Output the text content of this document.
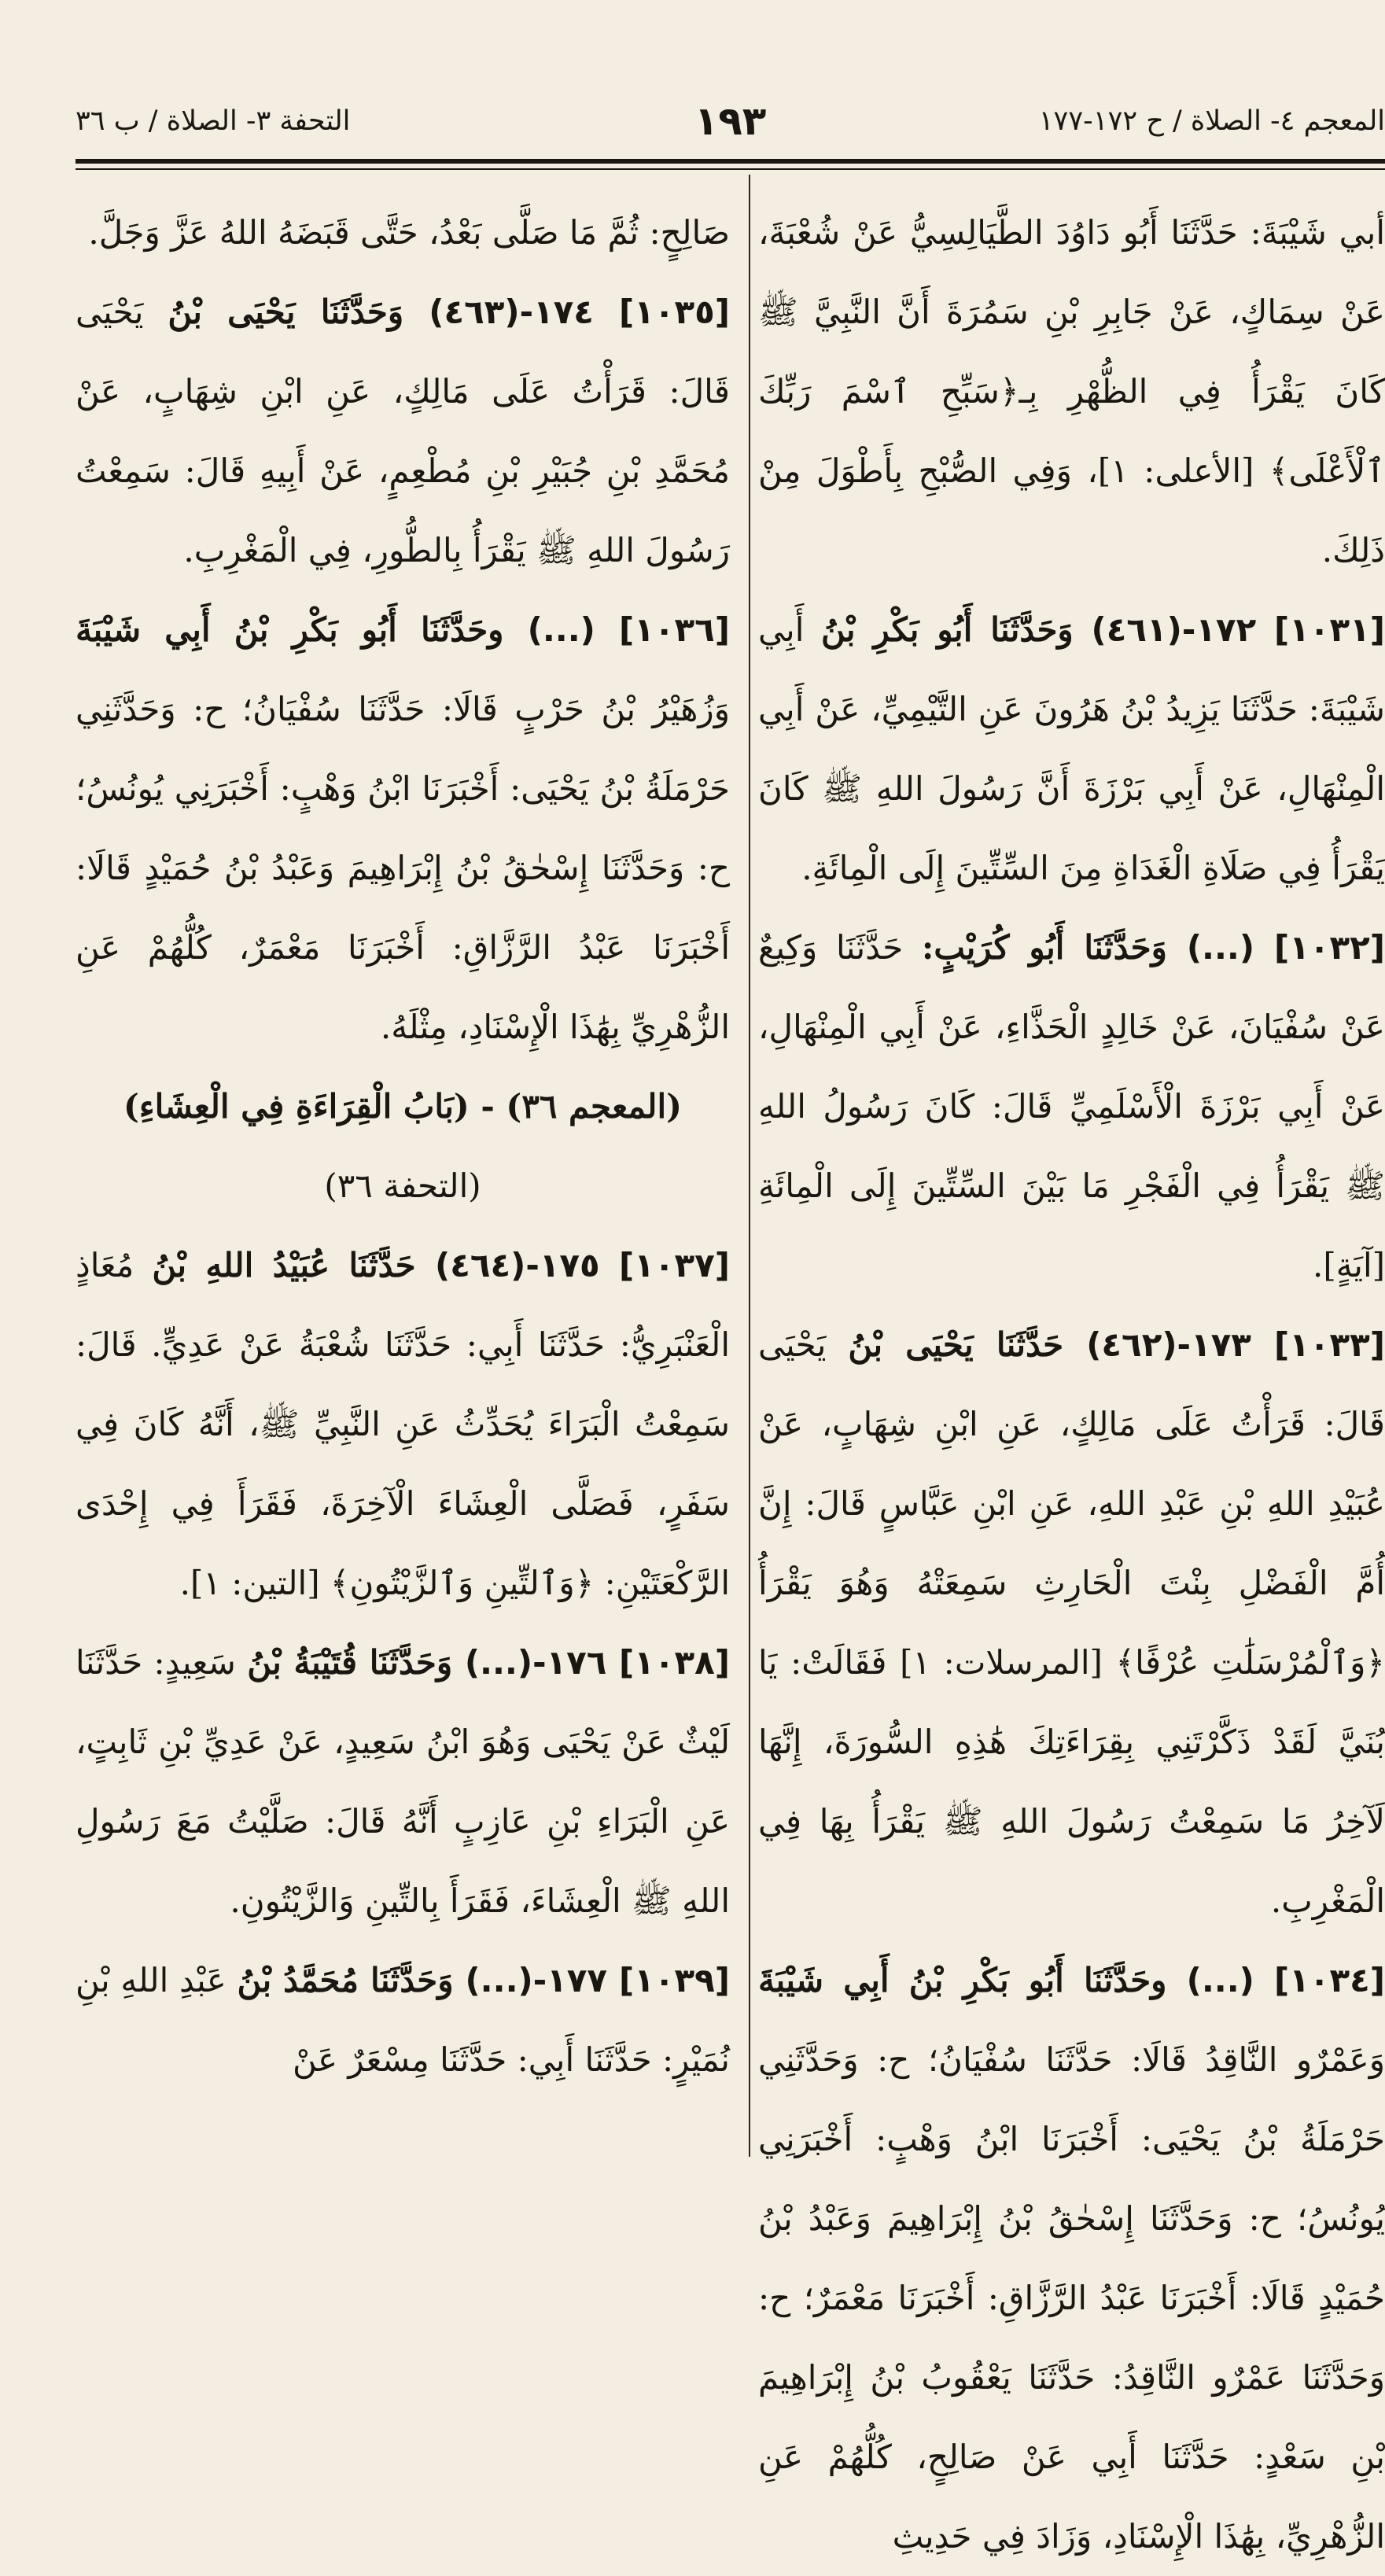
المعجم ٤- الصلاة / ح ١٧٢-١٧٧
١٩٣
التحفة ٣- الصلاة / ب ٣٦

أبي شَيْبَةَ: حَدَّثَنَا أَبُو دَاوُدَ الطَّيَالِسِيُّ عَنْ شُعْبَةَ، عَنْ سِمَاكٍ، عَنْ جَابِرِ بْنِ سَمُرَةَ أَنَّ النَّبِيَّ ﷺ كَانَ يَقْرَأُ فِي الظُّهْرِ بِـ﴿سَبِّحِ ٱسْمَ رَبِّكَ ٱلْأَعْلَى﴾ [الأعلى: ١]، وَفِي الصُّبْحِ بِأَطْوَلَ مِنْ ذَلِكَ.

[١٠٣١] ١٧٢-(٤٦١) وَحَدَّثَنَا أَبُو بَكْرِ بْنُ أَبِي شَيْبَةَ: حَدَّثَنَا يَزِيدُ بْنُ هَرُونَ عَنِ التَّيْمِيِّ، عَنْ أَبِي الْمِنْهَالِ، عَنْ أَبِي بَرْزَةَ أَنَّ رَسُولَ اللهِ ﷺ كَانَ يَقْرَأُ فِي صَلَاةِ الْغَدَاةِ مِنَ السِّتِّينَ إِلَى الْمِائَةِ.

[١٠٣٢] (...) وَحَدَّثَنَا أَبُو كُرَيْبٍ: حَدَّثَنَا وَكِيعٌ عَنْ سُفْيَانَ، عَنْ خَالِدٍ الْحَذَّاءِ، عَنْ أَبِي الْمِنْهَالِ، عَنْ أَبِي بَرْزَةَ الْأَسْلَمِيِّ قَالَ: كَانَ رَسُولُ اللهِ ﷺ يَقْرَأُ فِي الْفَجْرِ مَا بَيْنَ السِّتِّينَ إِلَى الْمِائَةِ [آيَةٍ].

[١٠٣٣] ١٧٣-(٤٦٢) حَدَّثَنَا يَحْيَى بْنُ يَحْيَى قَالَ: قَرَأْتُ عَلَى مَالِكٍ، عَنِ ابْنِ شِهَابٍ، عَنْ عُبَيْدِ اللهِ بْنِ عَبْدِ اللهِ، عَنِ ابْنِ عَبَّاسٍ قَالَ: إِنَّ أُمَّ الْفَضْلِ بِنْتَ الْحَارِثِ سَمِعَتْهُ وَهُوَ يَقْرَأُ ﴿وَٱلْمُرْسَلَٰتِ عُرْفًا﴾ [المرسلات: ١] فَقَالَتْ: يَا بُنَيَّ لَقَدْ ذَكَّرْتَنِي بِقِرَاءَتِكَ هَٰذِهِ السُّورَةَ، إِنَّهَا لَآخِرُ مَا سَمِعْتُ رَسُولَ اللهِ ﷺ يَقْرَأُ بِهَا فِي الْمَغْرِبِ.

[١٠٣٤] (...) وحَدَّثَنَا أَبُو بَكْرِ بْنُ أَبِي شَيْبَةَ وَعَمْرٌو النَّاقِدُ قَالَا: حَدَّثَنَا سُفْيَانُ؛ ح: وَحَدَّثَنِي حَرْمَلَةُ بْنُ يَحْيَى: أَخْبَرَنَا ابْنُ وَهْبٍ: أَخْبَرَنِي يُونُسُ؛ ح: وَحَدَّثَنَا إِسْحٰقُ بْنُ إِبْرَاهِيمَ وَعَبْدُ بْنُ حُمَيْدٍ قَالَا: أَخْبَرَنَا عَبْدُ الرَّزَّاقِ: أَخْبَرَنَا مَعْمَرٌ؛ ح: وَحَدَّثَنَا عَمْرٌو النَّاقِدُ: حَدَّثَنَا يَعْقُوبُ بْنُ إِبْرَاهِيمَ بْنِ سَعْدٍ: حَدَّثَنَا أَبِي عَنْ صَالِحٍ، كُلُّهُمْ عَنِ الزُّهْرِيِّ، بِهَٰذَا الْإِسْنَادِ، وَزَادَ فِي حَدِيثِ

صَالِحٍ: ثُمَّ مَا صَلَّى بَعْدُ، حَتَّى قَبَضَهُ اللهُ عَزَّ وَجَلَّ.

[١٠٣٥] ١٧٤-(٤٦٣) وَحَدَّثَنَا يَحْيَى بْنُ يَحْيَى قَالَ: قَرَأْتُ عَلَى مَالِكٍ، عَنِ ابْنِ شِهَابٍ، عَنْ مُحَمَّدِ بْنِ جُبَيْرِ بْنِ مُطْعِمٍ، عَنْ أَبِيهِ قَالَ: سَمِعْتُ رَسُولَ اللهِ ﷺ يَقْرَأُ بِالطُّورِ، فِي الْمَغْرِبِ.

[١٠٣٦] (...) وحَدَّثَنَا أَبُو بَكْرِ بْنُ أَبِي شَيْبَةَ وَزُهَيْرُ بْنُ حَرْبٍ قَالَا: حَدَّثَنَا سُفْيَانُ؛ ح: وَحَدَّثَنِي حَرْمَلَةُ بْنُ يَحْيَى: أَخْبَرَنَا ابْنُ وَهْبٍ: أَخْبَرَنِي يُونُسُ؛ ح: وَحَدَّثَنَا إِسْحٰقُ بْنُ إِبْرَاهِيمَ وَعَبْدُ بْنُ حُمَيْدٍ قَالَا: أَخْبَرَنَا عَبْدُ الرَّزَّاقِ: أَخْبَرَنَا مَعْمَرٌ، كُلُّهُمْ عَنِ الزُّهْرِيِّ بِهَٰذَا الْإِسْنَادِ، مِثْلَهُ.

(المعجم ٣٦) - (بَابُ الْقِرَاءَةِ فِي الْعِشَاءِ)

(التحفة ٣٦)

[١٠٣٧] ١٧٥-(٤٦٤) حَدَّثَنَا عُبَيْدُ اللهِ بْنُ مُعَاذٍ الْعَنْبَرِيُّ: حَدَّثَنَا أَبِي: حَدَّثَنَا شُعْبَةُ عَنْ عَدِيٍّ. قَالَ: سَمِعْتُ الْبَرَاءَ يُحَدِّثُ عَنِ النَّبِيِّ ﷺ، أَنَّهُ كَانَ فِي سَفَرٍ، فَصَلَّى الْعِشَاءَ الْآخِرَةَ، فَقَرَأَ فِي إِحْدَى الرَّكْعَتَيْنِ: ﴿وَٱلتِّينِ وَٱلزَّيْتُونِ﴾ [التين: ١].

[١٠٣٨] ١٧٦-(...) وَحَدَّثَنَا قُتَيْبَةُ بْنُ سَعِيدٍ: حَدَّثَنَا لَيْثٌ عَنْ يَحْيَى وَهُوَ ابْنُ سَعِيدٍ، عَنْ عَدِيِّ بْنِ ثَابِتٍ، عَنِ الْبَرَاءِ بْنِ عَازِبٍ أَنَّهُ قَالَ: صَلَّيْتُ مَعَ رَسُولِ اللهِ ﷺ الْعِشَاءَ، فَقَرَأَ بِالتِّينِ وَالزَّيْتُونِ.

[١٠٣٩] ١٧٧-(...) وَحَدَّثَنَا مُحَمَّدُ بْنُ عَبْدِ اللهِ بْنِ نُمَيْرٍ: حَدَّثَنَا أَبِي: حَدَّثَنَا مِسْعَرٌ عَنْ
